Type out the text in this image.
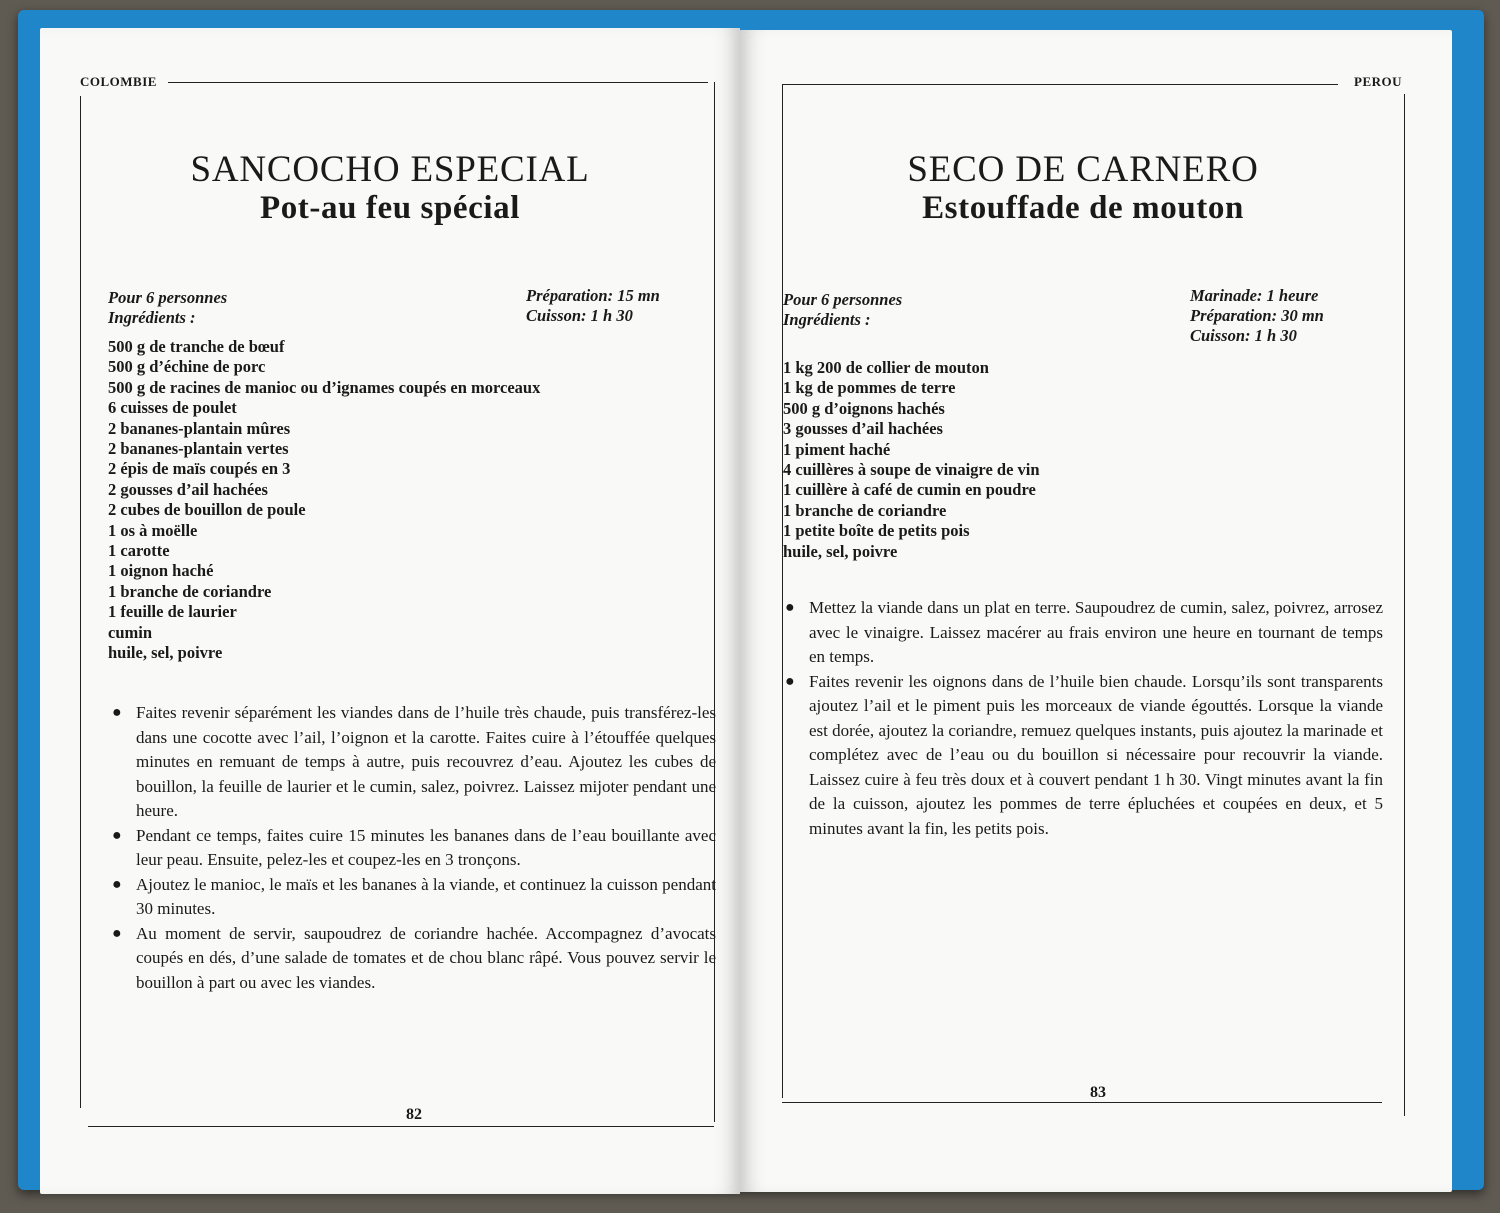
COLOMBIE
SANCOCHO ESPECIAL
Pot-au feu spécial
Pour 6 personnes
Ingrédients :
Préparation: 15 mn
Cuisson: 1 h 30
500 g de tranche de bœuf
500 g d’échine de porc
500 g de racines de manioc ou d’ignames coupés en morceaux
6 cuisses de poulet
2 bananes-plantain mûres
2 bananes-plantain vertes
2 épis de maïs coupés en 3
2 gousses d’ail hachées
2 cubes de bouillon de poule
1 os à moëlle
1 carotte
1 oignon haché
1 branche de coriandre
1 feuille de laurier
cumin
huile, sel, poivre
● Faites revenir séparément les viandes dans de l’huile très chaude, puis transférez-les dans une cocotte avec l’ail, l’oignon et la carotte. Faites cuire à l’étouffée quelques minutes en remuant de temps à autre, puis recouvrez d’eau. Ajoutez les cubes de bouillon, la feuille de laurier et le cumin, salez, poivrez. Laissez mijoter pendant une heure.
● Pendant ce temps, faites cuire 15 minutes les bananes dans de l’eau bouillante avec leur peau. Ensuite, pelez-les et coupez-les en 3 tronçons.
● Ajoutez le manioc, le maïs et les bananes à la viande, et continuez la cuisson pendant 30 minutes.
● Au moment de servir, saupoudrez de coriandre hachée. Accompagnez d’avocats coupés en dés, d’une salade de tomates et de chou blanc râpé. Vous pouvez servir le bouillon à part ou avec les viandes.
82
PEROU
SECO DE CARNERO
Estouffade de mouton
Pour 6 personnes
Ingrédients :
Marinade: 1 heure
Préparation: 30 mn
Cuisson: 1 h 30
1 kg 200 de collier de mouton
1 kg de pommes de terre
500 g d’oignons hachés
3 gousses d’ail hachées
1 piment haché
4 cuillères à soupe de vinaigre de vin
1 cuillère à café de cumin en poudre
1 branche de coriandre
1 petite boîte de petits pois
huile, sel, poivre
● Mettez la viande dans un plat en terre. Saupoudrez de cumin, salez, poivrez, arrosez avec le vinaigre. Laissez macérer au frais environ une heure en tournant de temps en temps.
● Faites revenir les oignons dans de l’huile bien chaude. Lorsqu’ils sont transparents ajoutez l’ail et le piment puis les morceaux de viande égouttés. Lorsque la viande est dorée, ajoutez la coriandre, remuez quelques instants, puis ajoutez la marinade et complétez avec de l’eau ou du bouillon si nécessaire pour recouvrir la viande. Laissez cuire à feu très doux et à couvert pendant 1 h 30. Vingt minutes avant la fin de la cuisson, ajoutez les pommes de terre épluchées et coupées en deux, et 5 minutes avant la fin, les petits pois.
83
